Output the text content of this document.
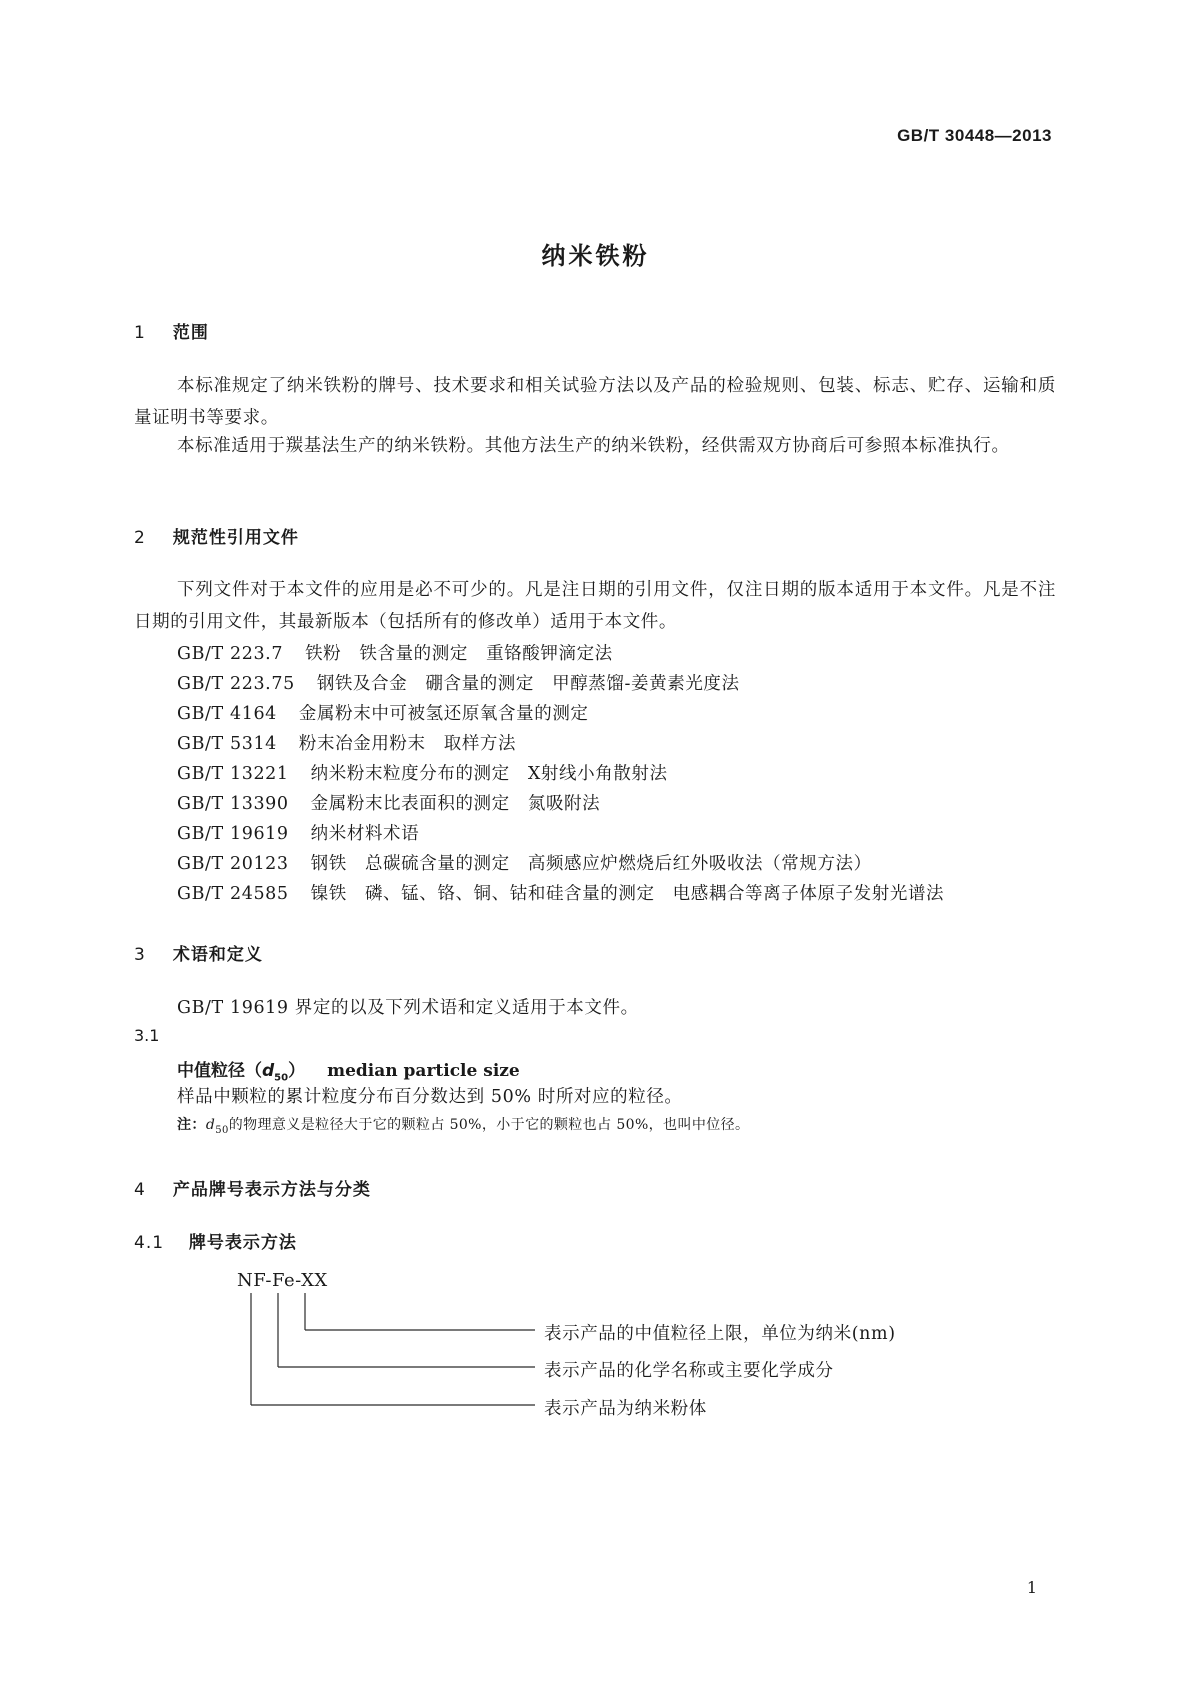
GB/T 30448—2013
纳米铁粉
1 范围
本标准规定了纳米铁粉的牌号、技术要求和相关试验方法以及产品的检验规则、包装、标志、贮存、运输和质量证明书等要求。
本标准适用于羰基法生产的纳米铁粉。其他方法生产的纳米铁粉，经供需双方协商后可参照本标准执行。
2 规范性引用文件
下列文件对于本文件的应用是必不可少的。凡是注日期的引用文件，仅注日期的版本适用于本文件。凡是不注日期的引用文件，其最新版本（包括所有的修改单）适用于本文件。
GB/T 223.7 铁粉　铁含量的测定　重铬酸钾滴定法
GB/T 223.75 钢铁及合金　硼含量的测定　甲醇蒸馏-姜黄素光度法
GB/T 4164 金属粉末中可被氢还原氧含量的测定
GB/T 5314 粉末冶金用粉末　取样方法
GB/T 13221 纳米粉末粒度分布的测定　X射线小角散射法
GB/T 13390 金属粉末比表面积的测定　氮吸附法
GB/T 19619 纳米材料术语
GB/T 20123 钢铁　总碳硫含量的测定　高频感应炉燃烧后红外吸收法（常规方法）
GB/T 24585 镍铁　磷、锰、铬、铜、钴和硅含量的测定　电感耦合等离子体原子发射光谱法
3 术语和定义
GB/T 19619 界定的以及下列术语和定义适用于本文件。
3.1
中值粒径$(d_{50})$ median particle size
样品中颗粒的累计粒度分布百分数达到 50% 时所对应的粒径。
注：$d_{50}$的物理意义是粒径大于它的颗粒占 50%，小于它的颗粒也占 50%，也叫中位径。
4 产品牌号表示方法与分类
4.1 牌号表示方法
NF-Fe-XX
表示产品的中值粒径上限，单位为纳米(nm)
表示产品的化学名称或主要化学成分
表示产品为纳米粉体
1
